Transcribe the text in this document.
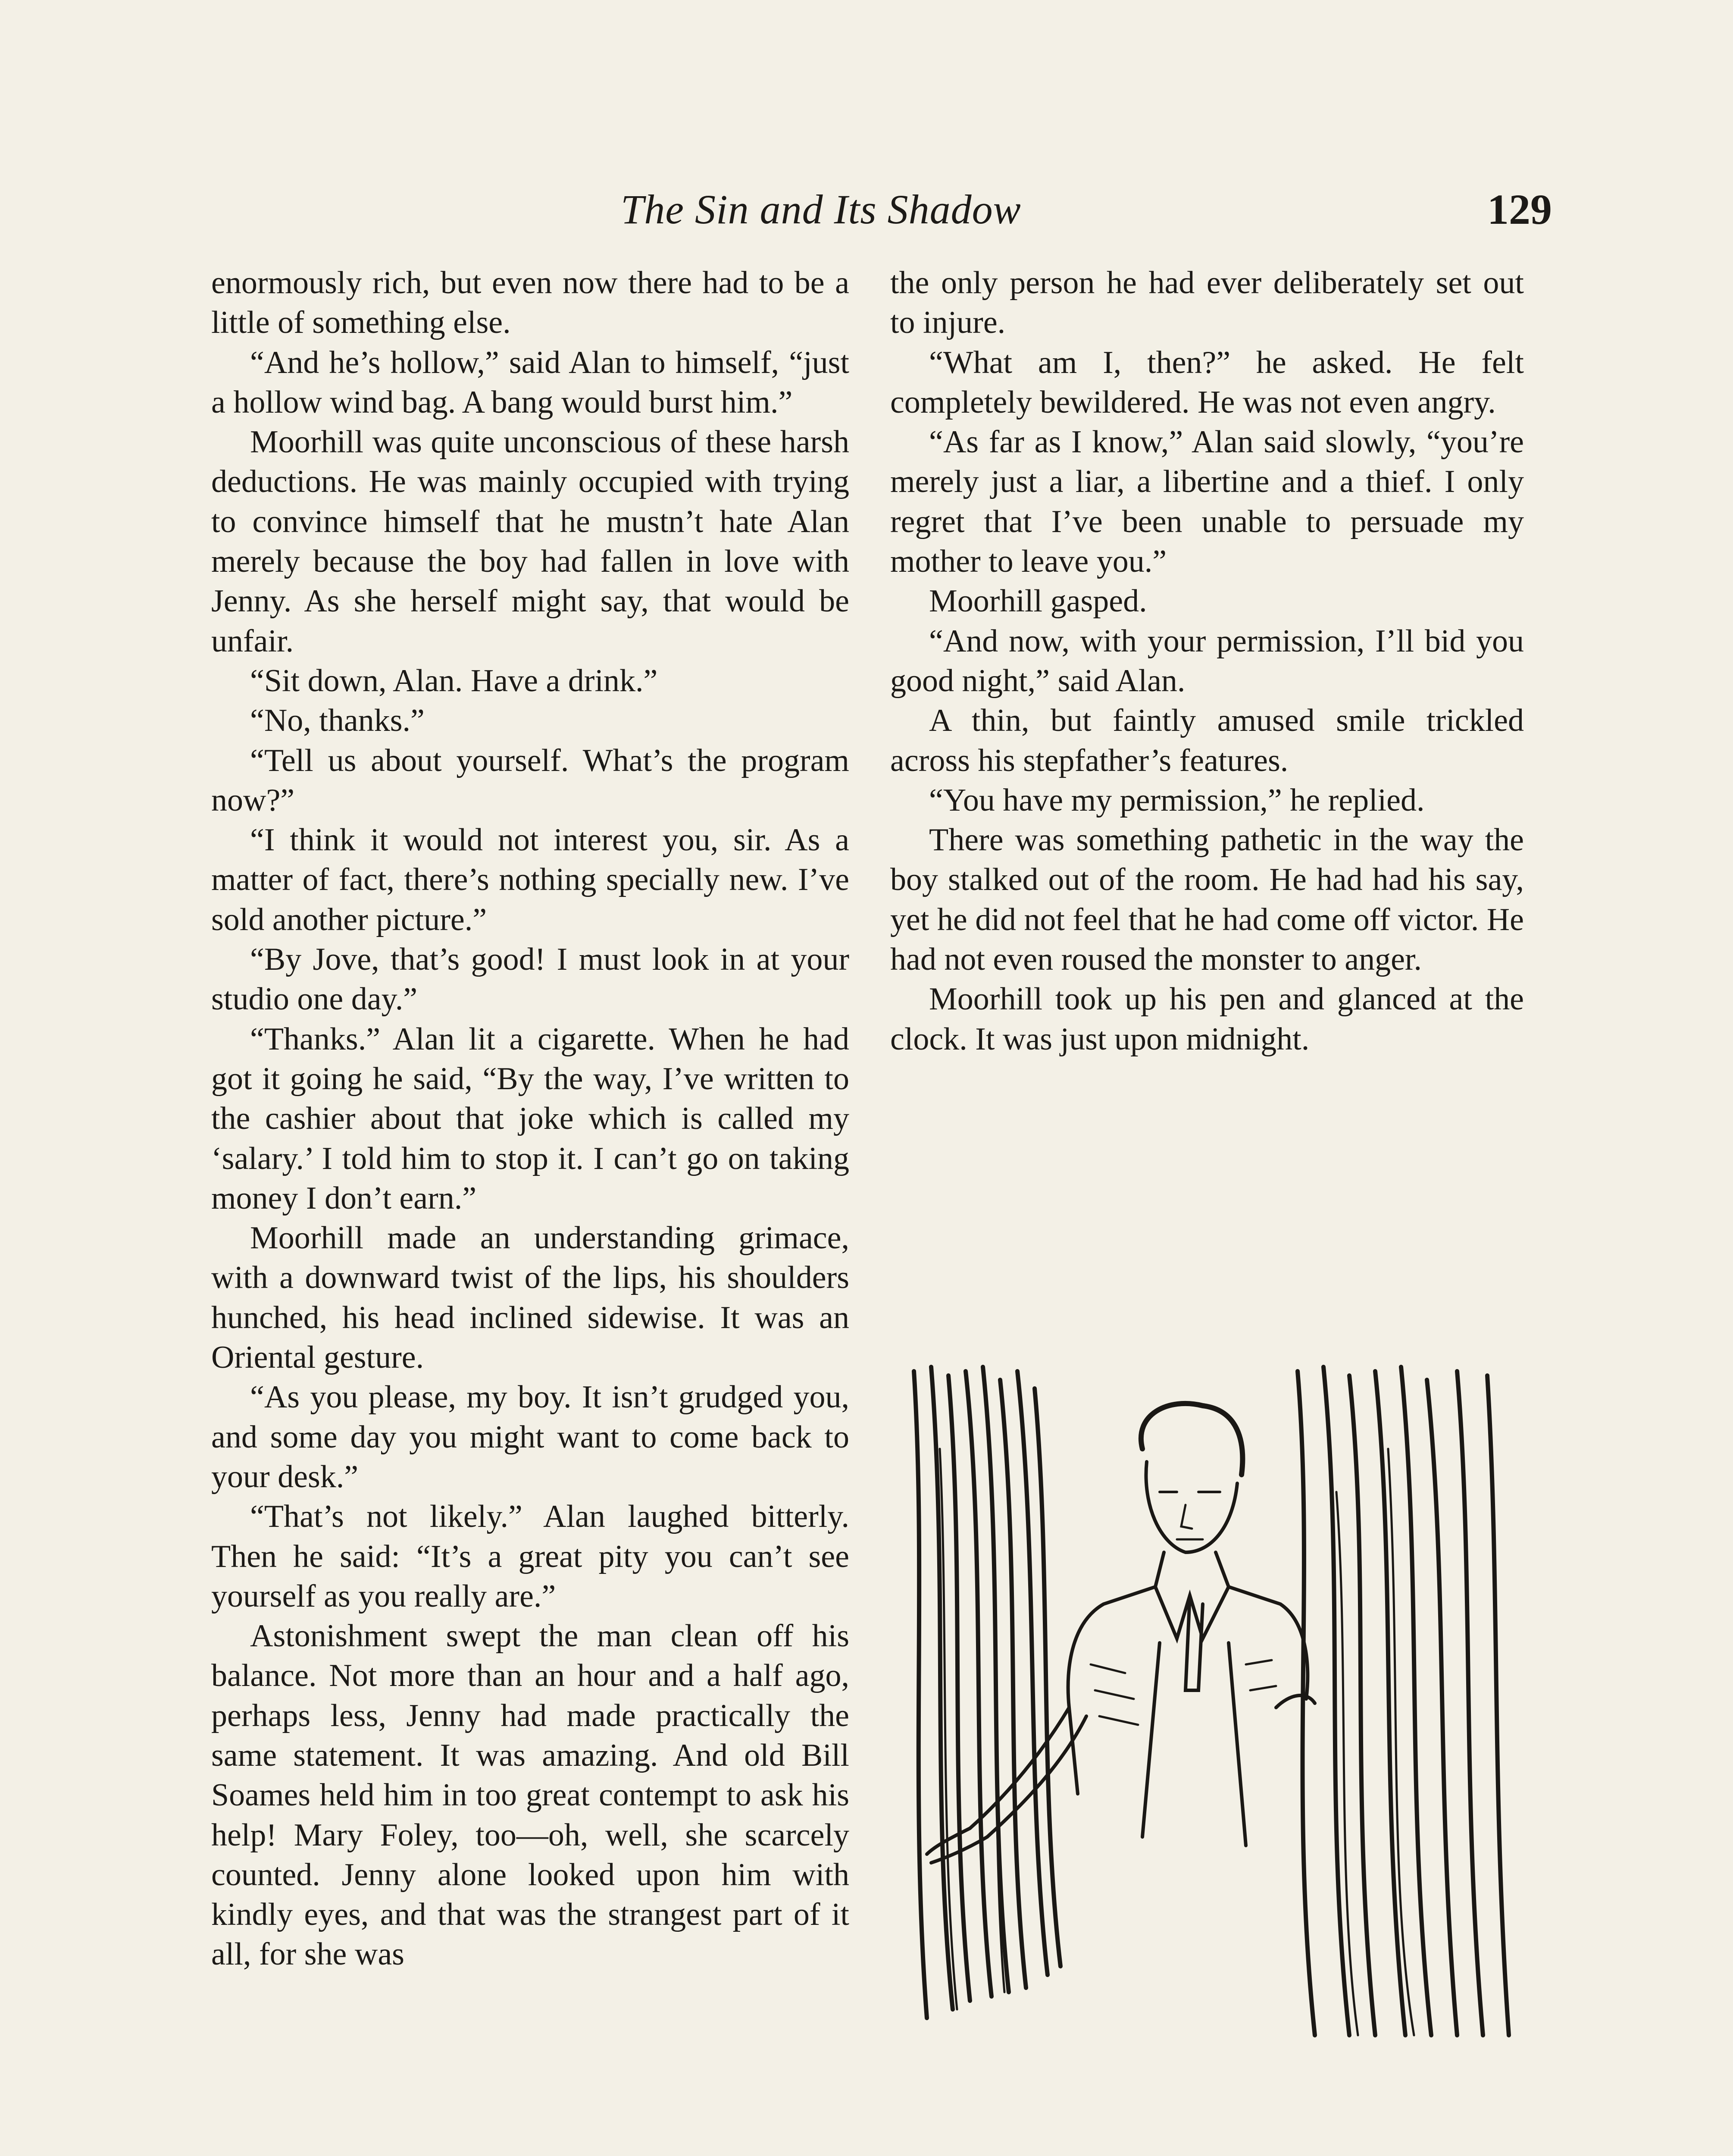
The Sin and Its Shadow	129

enormously rich, but even now there had to be a little of something else.

“And he’s hollow,” said Alan to himself, “just a hollow wind bag. A bang would burst him.”

Moorhill was quite unconscious of these harsh deductions. He was mainly occupied with trying to convince himself that he mustn’t hate Alan merely because the boy had fallen in love with Jenny. As she herself might say, that would be unfair.

“Sit down, Alan. Have a drink.”

“No, thanks.”

“Tell us about yourself. What’s the program now?”

“I think it would not interest you, sir. As a matter of fact, there’s nothing specially new. I’ve sold another picture.”

“By Jove, that’s good! I must look in at your studio one day.”

“Thanks.” Alan lit a cigarette. When he had got it going he said, “By the way, I’ve written to the cashier about that joke which is called my ‘salary.’ I told him to stop it. I can’t go on taking money I don’t earn.”

Moorhill made an understanding grimace, with a downward twist of the lips, his shoulders hunched, his head inclined sidewise. It was an Oriental gesture.

“As you please, my boy. It isn’t grudged you, and some day you might want to come back to your desk.”

“That’s not likely.” Alan laughed bitterly. Then he said: “It’s a great pity you can’t see yourself as you really are.”

Astonishment swept the man clean off his balance. Not more than an hour and a half ago, perhaps less, Jenny had made practically the same statement. It was amazing. And old Bill Soames held him in too great contempt to ask his help! Mary Foley, too—oh, well, she scarcely counted. Jenny alone looked upon him with kindly eyes, and that was the strangest part of it all, for she was

the only person he had ever deliberately set out to injure.

“What am I, then?” he asked. He felt completely bewildered. He was not even angry.

“As far as I know,” Alan said slowly, “you’re merely just a liar, a libertine and a thief. I only regret that I’ve been unable to persuade my mother to leave you.”

Moorhill gasped.

“And now, with your permission, I’ll bid you good night,” said Alan.

A thin, but faintly amused smile trickled across his stepfather’s features.

“You have my permission,” he replied.

There was something pathetic in the way the boy stalked out of the room. He had had his say, yet he did not feel that he had come off victor. He had not even roused the monster to anger.

Moorhill took up his pen and glanced at the clock. It was just upon midnight.
